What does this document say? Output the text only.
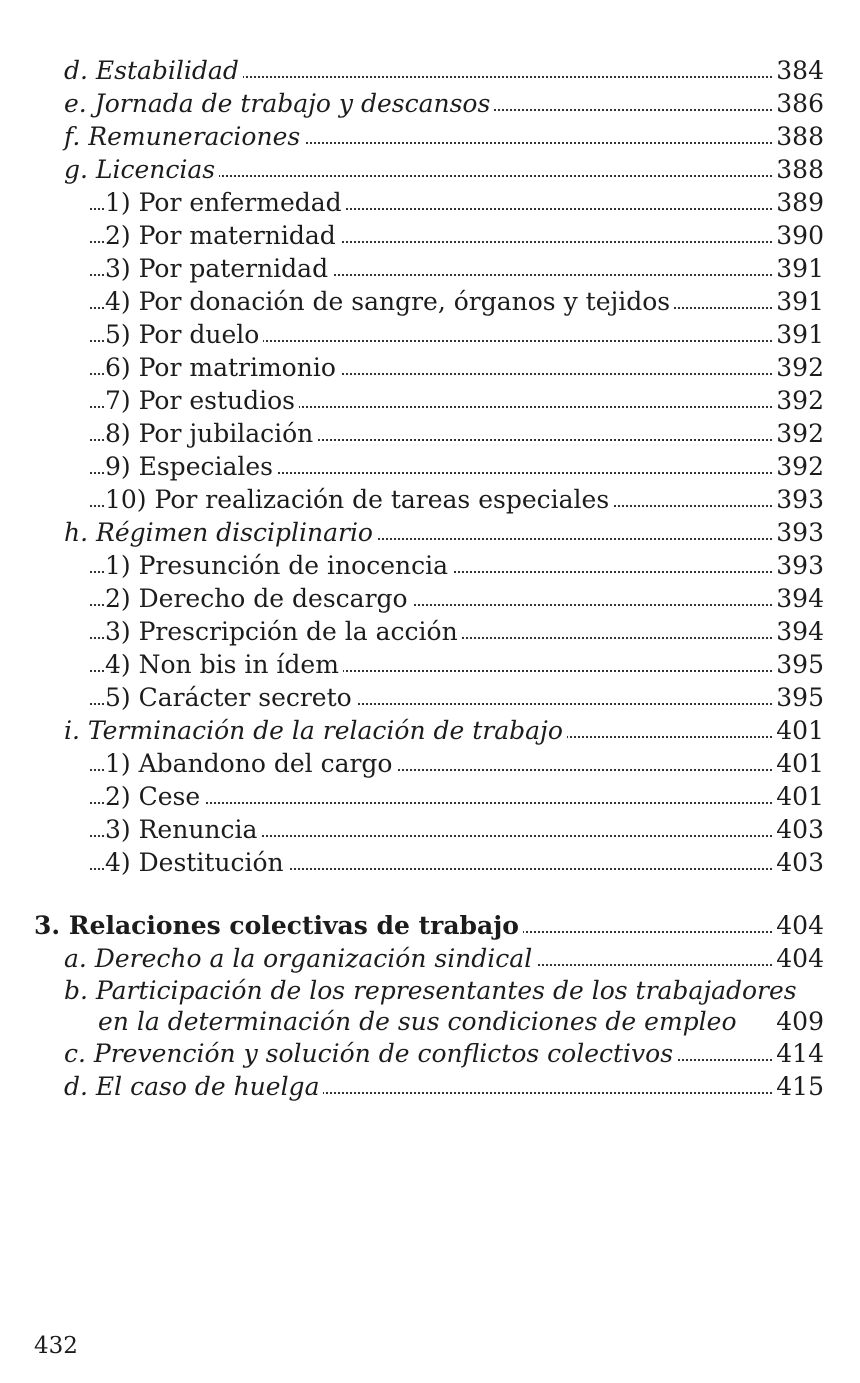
d. Estabilidad	384
e. Jornada de trabajo y descansos	386
f. Remuneraciones	388
g. Licencias	388
1) Por enfermedad	389
2) Por maternidad	390
3) Por paternidad	391
4) Por donación de sangre, órganos y tejidos	391
5) Por duelo	391
6) Por matrimonio	392
7) Por estudios	392
8) Por jubilación	392
9) Especiales	392
10) Por realización de tareas especiales	393
h. Régimen disciplinario	393
1) Presunción de inocencia	393
2) Derecho de descargo	394
3) Prescripción de la acción	394
4) Non bis in ídem	395
5) Carácter secreto	395
i. Terminación de la relación de trabajo	401
1) Abandono del cargo	401
2) Cese	401
3) Renuncia	403
4) Destitución	403
3. Relaciones colectivas de trabajo	404
a. Derecho a la organización sindical	404
b. Participación de los representantes de los trabajadores
en la determinación de sus condiciones de empleo	409
c. Prevención y solución de conflictos colectivos	414
d. El caso de huelga	415
432
